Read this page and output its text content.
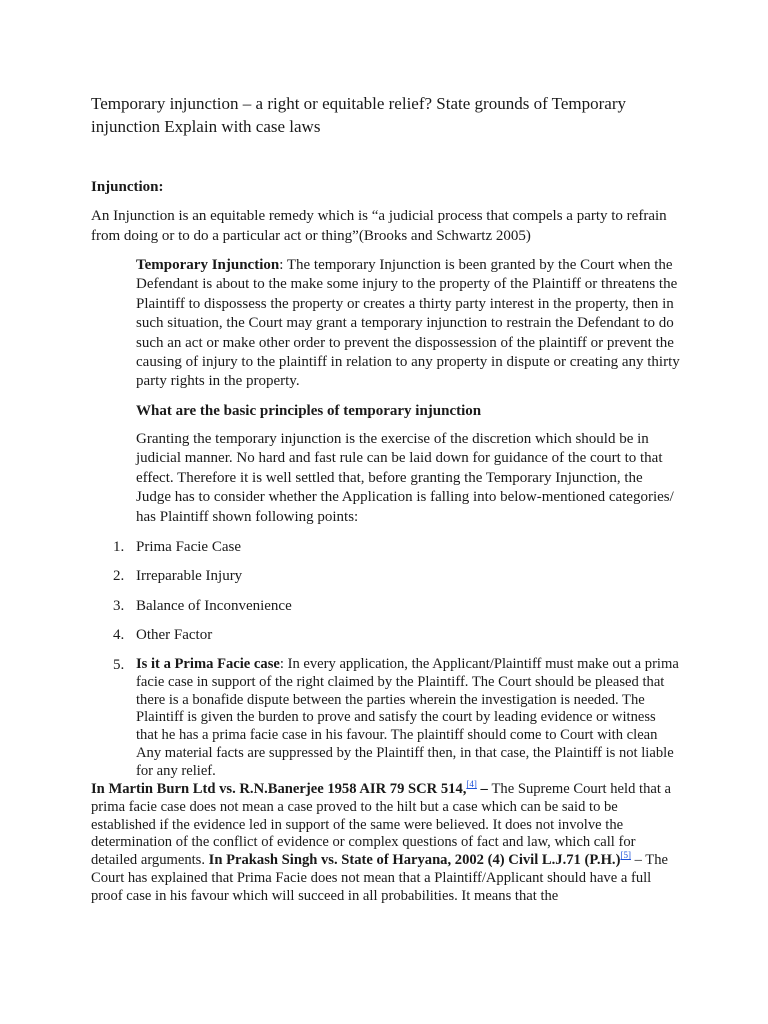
Temporary injunction – a right or equitable relief? State grounds of Temporary injunction Explain with case laws
Injunction:

An Injunction is an equitable remedy which is “a judicial process that compels a party to refrain from doing or to do a particular act or thing”(Brooks and Schwartz 2005)

Temporary Injunction: The temporary Injunction is been granted by the Court when the Defendant is about to the make some injury to the property of the Plaintiff or threatens the Plaintiff to dispossess the property or creates a thirty party interest in the property, then in such situation, the Court may grant a temporary injunction to restrain the Defendant to do such an act or make other order to prevent the dispossession of the plaintiff or prevent the causing of injury to the plaintiff in relation to any property in dispute or creating any thirty party rights in the property.

What are the basic principles of temporary injunction

Granting the temporary injunction is the exercise of the discretion which should be in judicial manner. No hard and fast rule can be laid down for guidance of the court to that effect. Therefore it is well settled that, before granting the Temporary Injunction, the Judge has to consider whether the Application is falling into below-mentioned categories/ has Plaintiff shown following points:

1. Prima Facie Case
2. Irreparable Injury
3. Balance of Inconvenience
4. Other Factor
5. Is it a Prima Facie case: In every application, the Applicant/Plaintiff must make out a prima facie case in support of the right claimed by the Plaintiff. The Court should be pleased that there is a bonafide dispute between the parties wherein the investigation is needed. The Plaintiff is given the burden to prove and satisfy the court by leading evidence or witness that he has a prima facie case in his favour. The plaintiff should come to Court with clean Any material facts are suppressed by the Plaintiff then, in that case, the Plaintiff is not liable for any relief.

In Martin Burn Ltd vs. R.N.Banerjee 1958 AIR 79 SCR 514,[4] – The Supreme Court held that a prima facie case does not mean a case proved to the hilt but a case which can be said to be established if the evidence led in support of the same were believed. It does not involve the determination of the conflict of evidence or complex questions of fact and law, which call for detailed arguments. In Prakash Singh vs. State of Haryana, 2002 (4) Civil L.J.71 (P.H.)[5] – The Court has explained that Prima Facie does not mean that a Plaintiff/Applicant should have a full proof case in his favour which will succeed in all probabilities. It means that the
